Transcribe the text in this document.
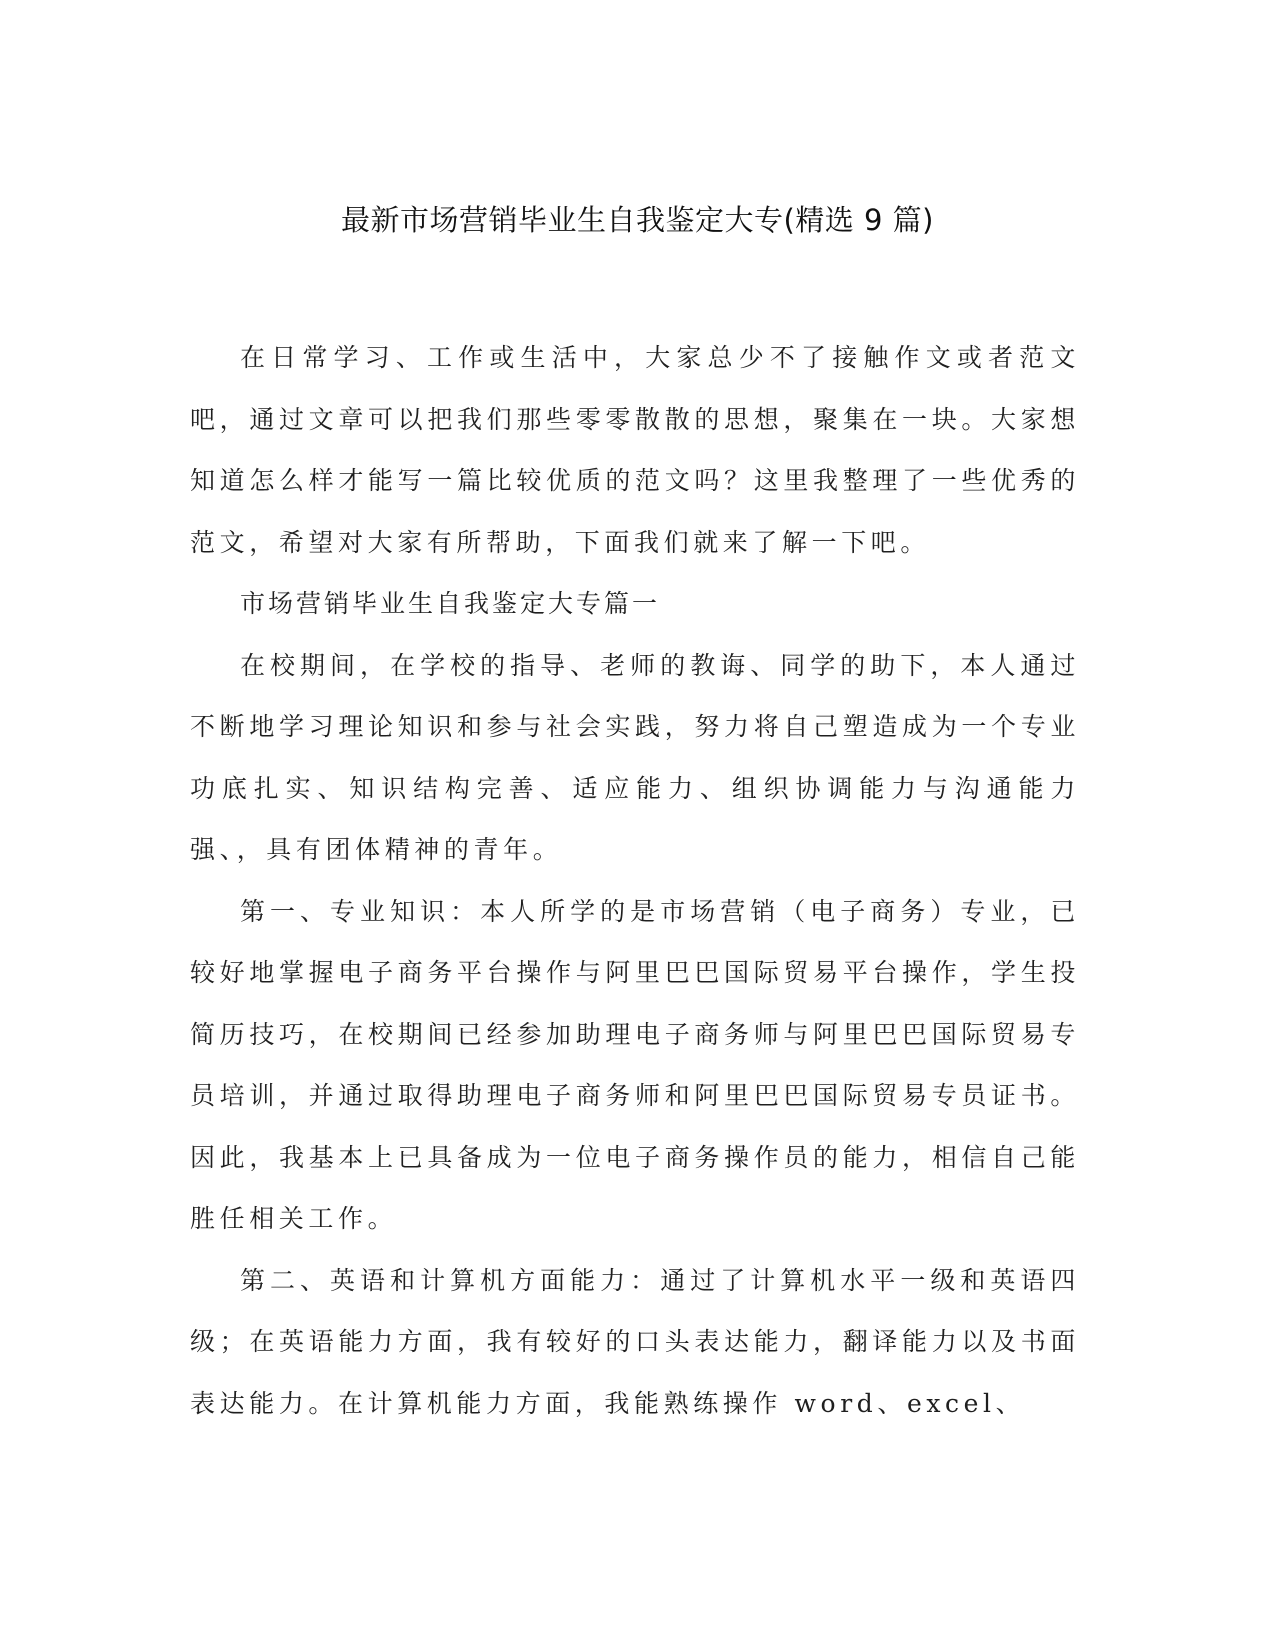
最新市场营销毕业生自我鉴定大专(精选 9 篇)

在日常学习、工作或生活中，大家总少不了接触作文或者范文吧，通过文章可以把我们那些零零散散的思想，聚集在一块。大家想知道怎么样才能写一篇比较优质的范文吗？这里我整理了一些优秀的范文，希望对大家有所帮助，下面我们就来了解一下吧。

市场营销毕业生自我鉴定大专篇一

在校期间，在学校的指导、老师的教诲、同学的助下，本人通过不断地学习理论知识和参与社会实践，努力将自己塑造成为一个专业功底扎实、知识结构完善、适应能力、组织协调能力与沟通能力强、，具有团体精神的青年。

第一、专业知识：本人所学的是市场营销（电子商务）专业，已较好地掌握电子商务平台操作与阿里巴巴国际贸易平台操作，学生投简历技巧，在校期间已经参加助理电子商务师与阿里巴巴国际贸易专员培训，并通过取得助理电子商务师和阿里巴巴国际贸易专员证书。因此，我基本上已具备成为一位电子商务操作员的能力，相信自己能胜任相关工作。

第二、英语和计算机方面能力：通过了计算机水平一级和英语四级；在英语能力方面，我有较好的口头表达能力，翻译能力以及书面表达能力。在计算机能力方面，我能熟练操作 word、excel、
